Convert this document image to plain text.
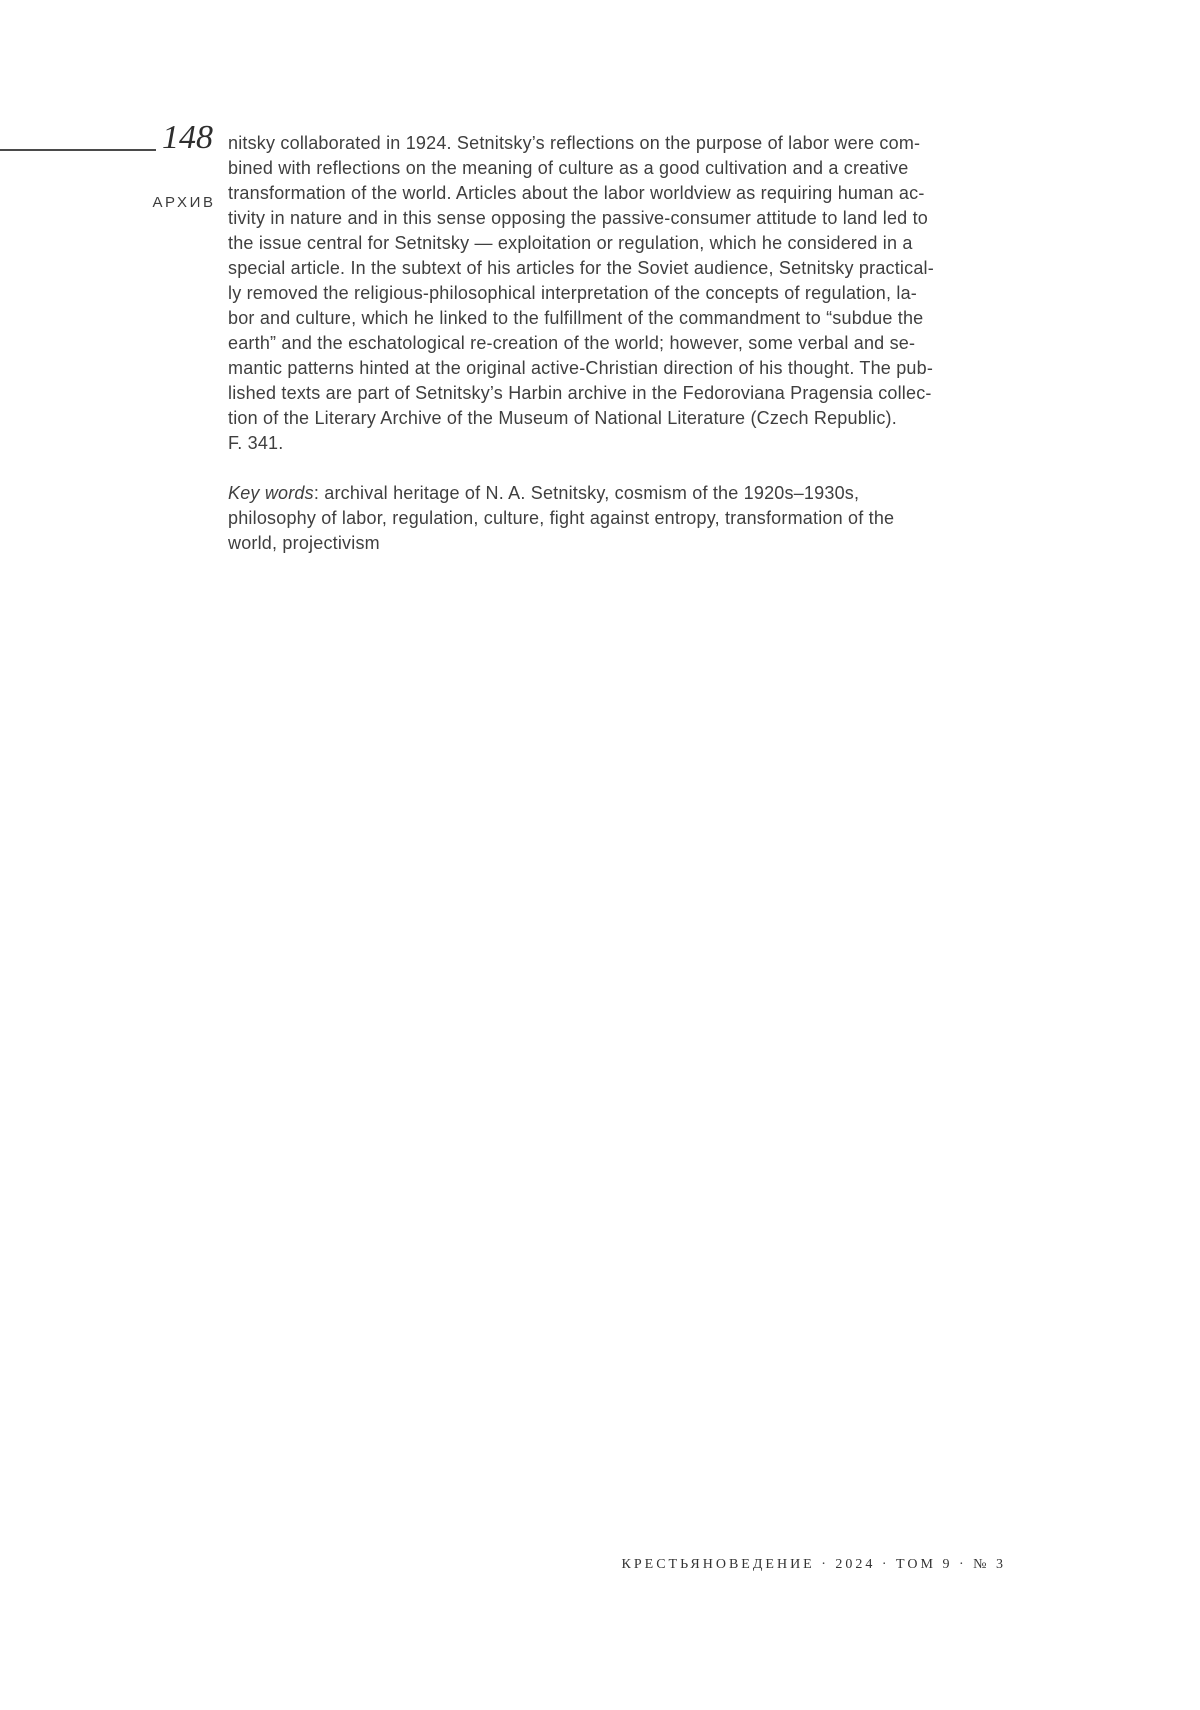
148
АРХИВ
nitsky collaborated in 1924. Setnitsky’s reflections on the purpose of labor were com-
bined with reflections on the meaning of culture as a good cultivation and a creative
transformation of the world. Articles about the labor worldview as requiring human ac-
tivity in nature and in this sense opposing the passive-consumer attitude to land led to
the issue central for Setnitsky — exploitation or regulation, which he considered in a
special article. In the subtext of his articles for the Soviet audience, Setnitsky practical-
ly removed the religious-philosophical interpretation of the concepts of regulation, la-
bor and culture, which he linked to the fulfillment of the commandment to “subdue the
earth” and the eschatological re-creation of the world; however, some verbal and se-
mantic patterns hinted at the original active-Christian direction of his thought. The pub-
lished texts are part of Setnitsky’s Harbin archive in the Fedoroviana Pragensia collec-
tion of the Literary Archive of the Museum of National Literature (Czech Republic).
F. 341.
Key words: archival heritage of N. A. Setnitsky, cosmism of the 1920s–1930s,
philosophy of labor, regulation, culture, fight against entropy, transformation of the
world, projectivism
КРЕСТЬЯНОВЕДЕНИЕ · 2024 · ТОМ 9 · № 3
